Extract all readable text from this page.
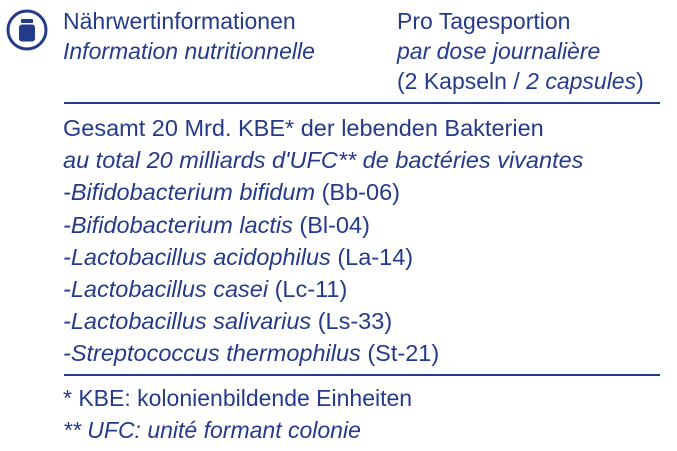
Nährwertinformationen
Information nutritionnelle
Pro Tagesportion
par dose journalière
(2 Kapseln / 2 capsules)
Gesamt 20 Mrd. KBE* der lebenden Bakterien
au total 20 milliards d'UFC** de bactéries vivantes
-Bifidobacterium bifidum (Bb-06)
-Bifidobacterium lactis (Bl-04)
-Lactobacillus acidophilus (La-14)
-Lactobacillus casei (Lc-11)
-Lactobacillus salivarius (Ls-33)
-Streptococcus thermophilus (St-21)
* KBE: kolonienbildende Einheiten
** UFC: unité formant colonie
